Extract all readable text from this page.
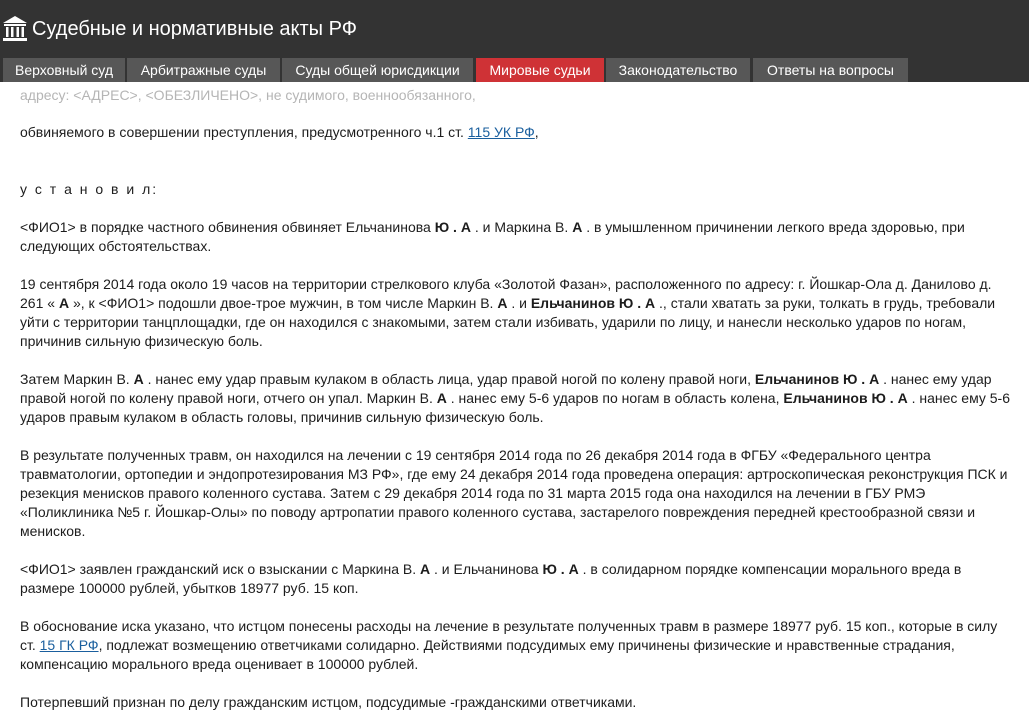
Судебные и нормативные акты РФ
Верховный суд	Арбитражные суды	Суды общей юрисдикции	Мировые судьи	Законодательство	Ответы на вопросы

адресу: <АДРЕС>, <ОБЕЗЛИЧЕНО>, не судимого, военнообязанного,

обвиняемого в совершении преступления, предусмотренного ч.1 ст. 115 УК РФ,

у с т а н о в и л:

<ФИО1> в порядке частного обвинения обвиняет Ельчанинова Ю . А . и Маркина В. А . в умышленном причинении легкого вреда здоровью, при следующих обстоятельствах.

19 сентября 2014 года около 19 часов на территории стрелкового клуба «Золотой Фазан», расположенного по адресу: г. Йошкар-Ола д. Данилово д. 261 « А », к <ФИО1> подошли двое-трое мужчин, в том числе Маркин В. А . и Ельчанинов Ю . А ., стали хватать за руки, толкать в грудь, требовали уйти с территории танцплощадки, где он находился с знакомыми, затем стали избивать, ударили по лицу, и нанесли несколько ударов по ногам, причинив сильную физическую боль.

Затем Маркин В. А . нанес ему удар правым кулаком в область лица, удар правой ногой по колену правой ноги, Ельчанинов Ю . А . нанес ему удар правой ногой по колену правой ноги, отчего он упал. Маркин В. А . нанес ему 5-6 ударов по ногам в область колена, Ельчанинов Ю . А . нанес ему 5-6 ударов правым кулаком в область головы, причинив сильную физическую боль.

В результате полученных травм, он находился на лечении с 19 сентября 2014 года по 26 декабря 2014 года в ФГБУ «Федерального центра травматологии, ортопедии и эндопротезирования МЗ РФ», где ему 24 декабря 2014 года проведена операция: артроскопическая реконструкция ПСК и резекция менисков правого коленного сустава. Затем с 29 декабря 2014 года по 31 марта 2015 года она находился на лечении в ГБУ РМЭ «Поликлиника №5 г. Йошкар-Олы» по поводу артропатии правого коленного сустава, застарелого повреждения передней крестообразной связи и менисков.

<ФИО1> заявлен гражданский иск о взыскании с Маркина В. А . и Ельчанинова Ю . А . в солидарном порядке компенсации морального вреда в размере 100000 рублей, убытков 18977 руб. 15 коп.

В обоснование иска указано, что истцом понесены расходы на лечение в результате полученных травм в размере 18977 руб. 15 коп., которые в силу ст. 15 ГК РФ, подлежат возмещению ответчиками солидарно. Действиями подсудимых ему причинены физические и нравственные страдания, компенсацию морального вреда оценивает в 100000 рублей.

Потерпевший признан по делу гражданским истцом, подсудимые -гражданскими ответчиками.
